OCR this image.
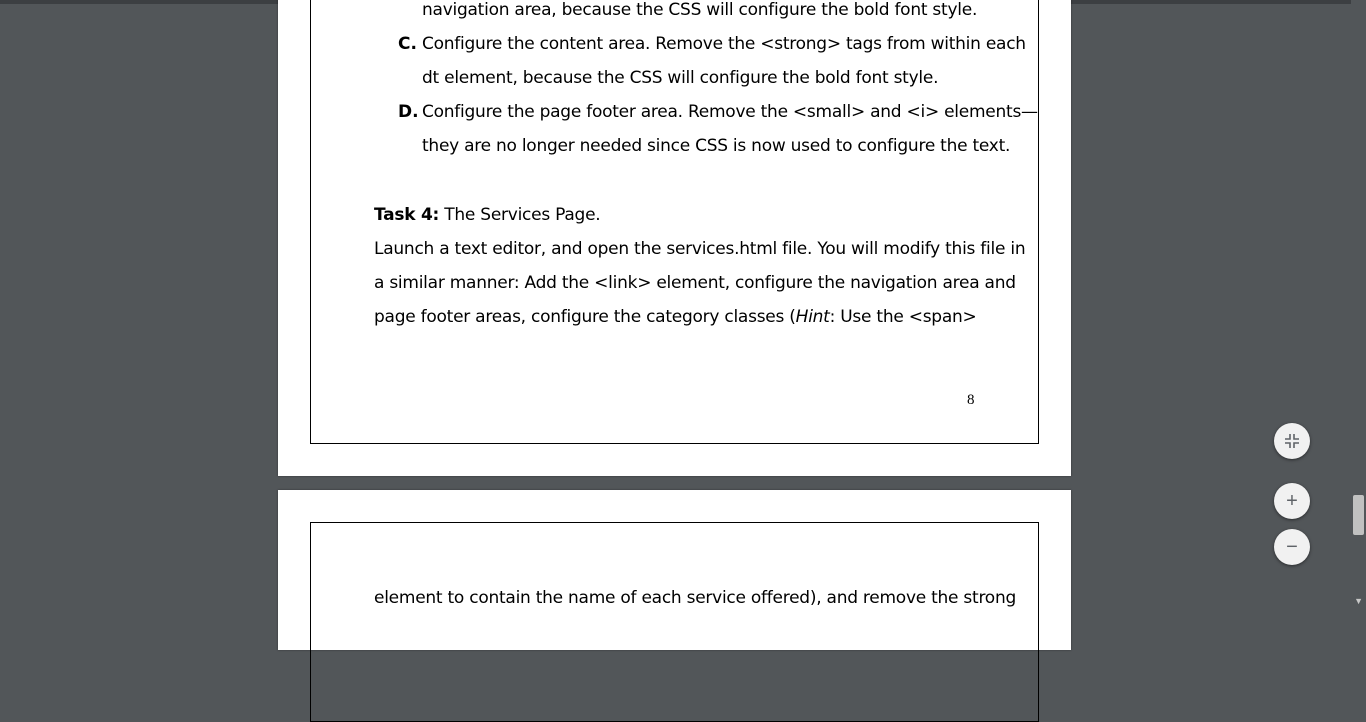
navigation area, because the CSS will configure the bold font style.
C. Configure the content area. Remove the <strong> tags from within each
dt element, because the CSS will configure the bold font style.
D. Configure the page footer area. Remove the <small> and <i> elements—
they are no longer needed since CSS is now used to configure the text.
Task 4: The Services Page.
Launch a text editor, and open the services.html file. You will modify this file in
a similar manner: Add the <link> element, configure the navigation area and
page footer areas, configure the category classes (Hint: Use the <span>
8
element to contain the name of each service offered), and remove the strong
+
−
▼
